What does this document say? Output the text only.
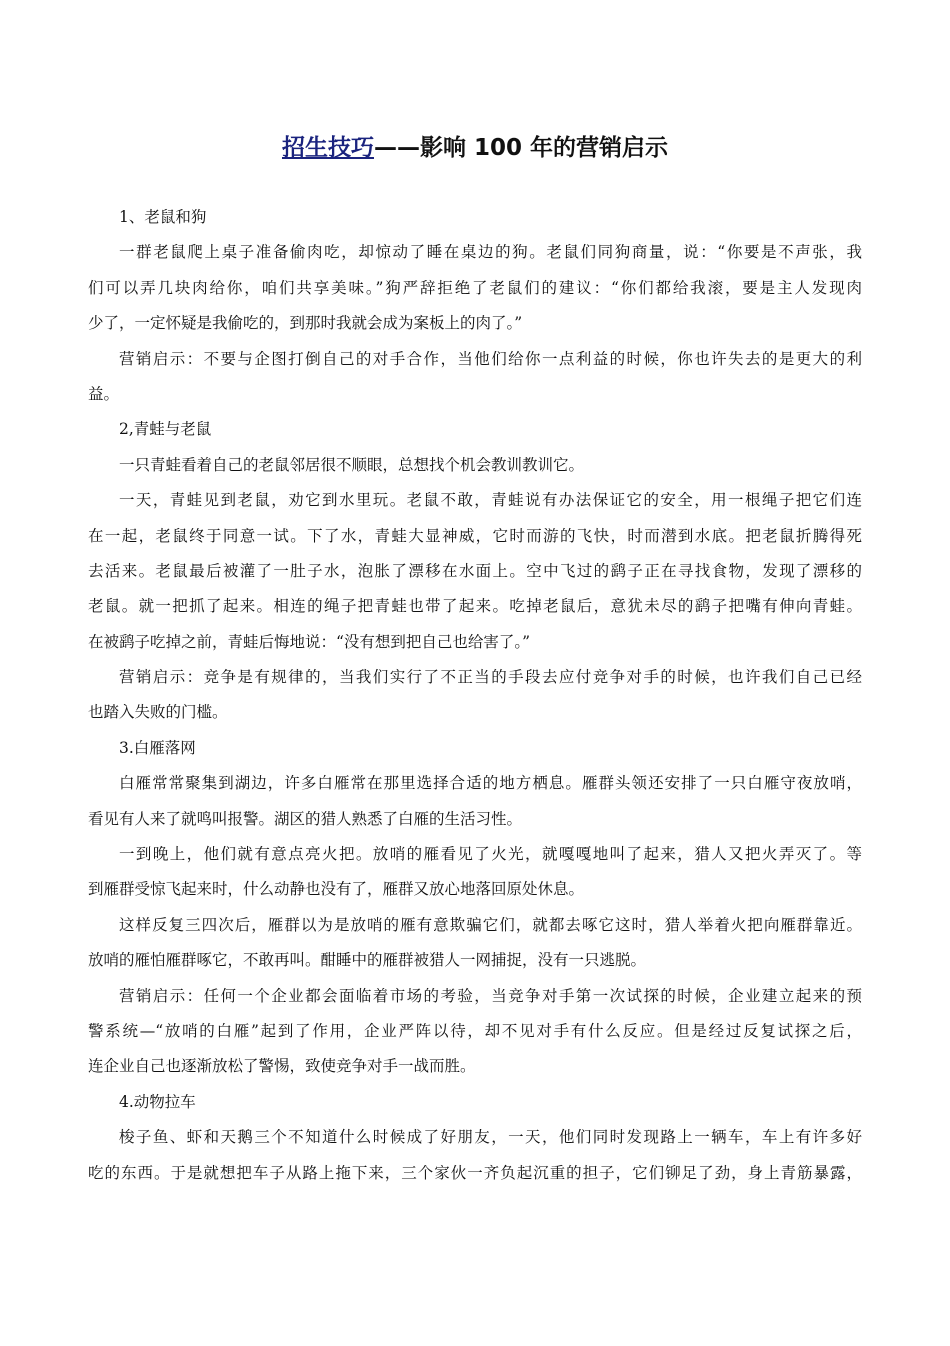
招生技巧——影响 100 年的营销启示
1、老鼠和狗
一群老鼠爬上桌子准备偷肉吃，却惊动了睡在桌边的狗。老鼠们同狗商量，说：“你要是不声张，我
们可以弄几块肉给你，咱们共享美味。”狗严辞拒绝了老鼠们的建议：“你们都给我滚，要是主人发现肉
少了，一定怀疑是我偷吃的，到那时我就会成为案板上的肉了。”
营销启示：不要与企图打倒自己的对手合作，当他们给你一点利益的时候，你也许失去的是更大的利
益。
2,青蛙与老鼠
一只青蛙看着自己的老鼠邻居很不顺眼，总想找个机会教训教训它。
一天，青蛙见到老鼠，劝它到水里玩。老鼠不敢，青蛙说有办法保证它的安全，用一根绳子把它们连
在一起，老鼠终于同意一试。下了水，青蛙大显神威，它时而游的飞快，时而潜到水底。把老鼠折腾得死
去活来。老鼠最后被灌了一肚子水，泡胀了漂移在水面上。空中飞过的鹞子正在寻找食物，发现了漂移的
老鼠。就一把抓了起来。相连的绳子把青蛙也带了起来。吃掉老鼠后，意犹未尽的鹞子把嘴有伸向青蛙。
在被鹞子吃掉之前，青蛙后悔地说：“没有想到把自己也给害了。”
营销启示：竞争是有规律的，当我们实行了不正当的手段去应付竞争对手的时候，也许我们自己已经
也踏入失败的门槛。
3.白雁落网
白雁常常聚集到湖边，许多白雁常在那里选择合适的地方栖息。雁群头领还安排了一只白雁守夜放哨，
看见有人来了就鸣叫报警。湖区的猎人熟悉了白雁的生活习性。
一到晚上，他们就有意点亮火把。放哨的雁看见了火光，就嘎嘎地叫了起来，猎人又把火弄灭了。等
到雁群受惊飞起来时，什么动静也没有了，雁群又放心地落回原处休息。
这样反复三四次后，雁群以为是放哨的雁有意欺骗它们，就都去啄它这时，猎人举着火把向雁群靠近。
放哨的雁怕雁群啄它，不敢再叫。酣睡中的雁群被猎人一网捕捉，没有一只逃脱。
营销启示：任何一个企业都会面临着市场的考验，当竞争对手第一次试探的时候，企业建立起来的预
警系统—“放哨的白雁”起到了作用，企业严阵以待，却不见对手有什么反应。但是经过反复试探之后，
连企业自己也逐渐放松了警惕，致使竞争对手一战而胜。
4.动物拉车
梭子鱼、虾和天鹅三个不知道什么时候成了好朋友，一天，他们同时发现路上一辆车，车上有许多好
吃的东西。于是就想把车子从路上拖下来，三个家伙一齐负起沉重的担子，它们铆足了劲，身上青筋暴露，
